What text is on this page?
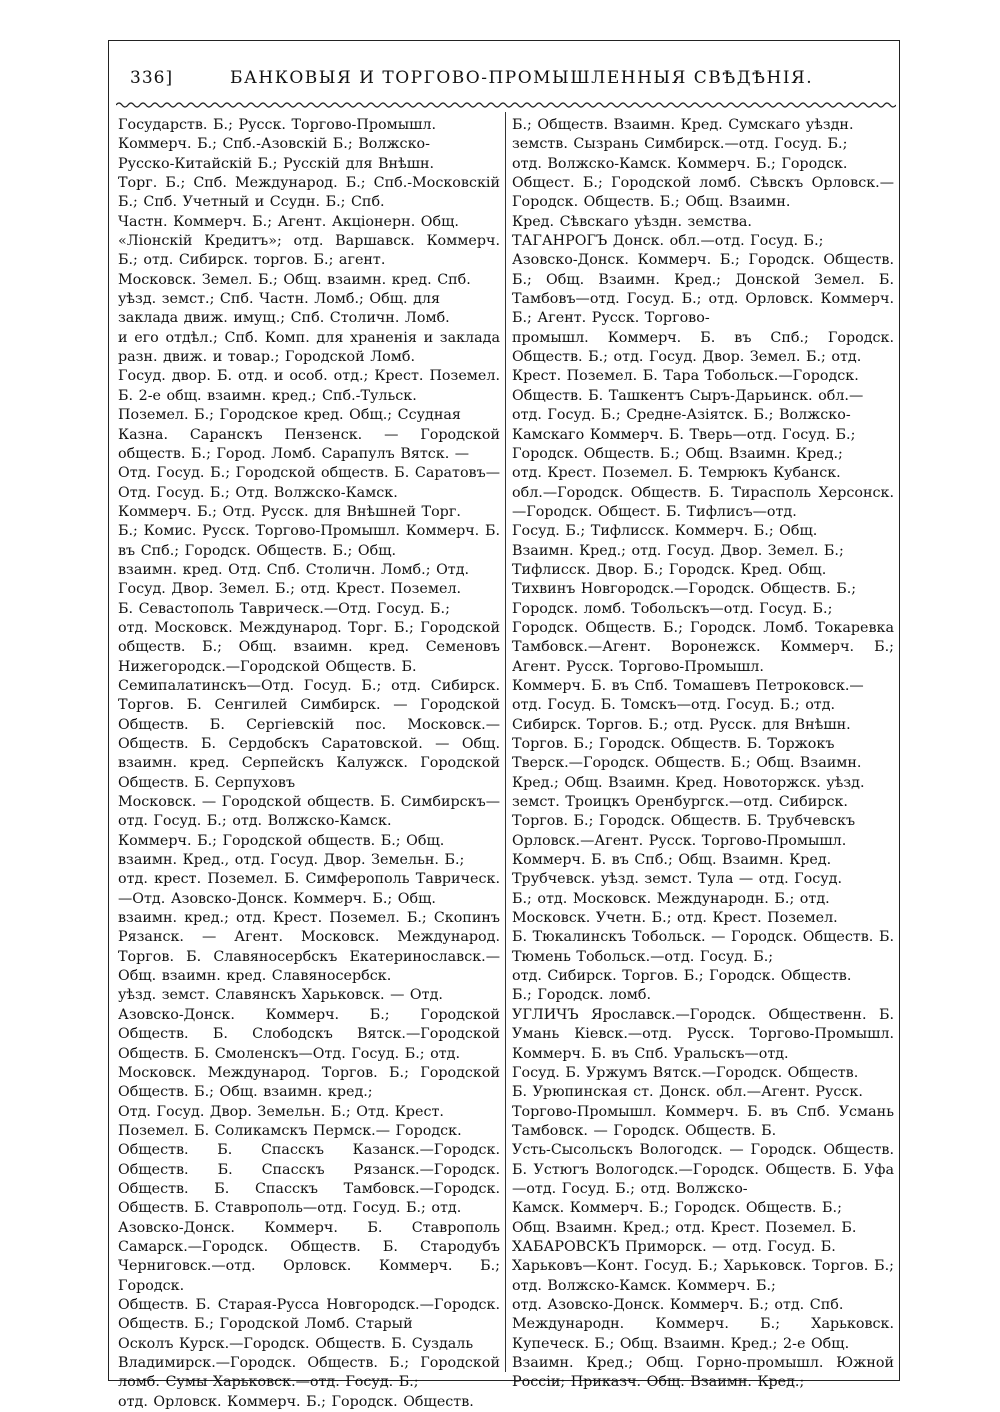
336]	БАНКОВЫЯ И ТОРГОВО-ПРОМЫШЛЕННЫЯ СВѢДѢНІЯ.

Государств. Б.; Русск. Торгово-Промышл.
Коммерч. Б.; Спб.-Азовскій Б.; Волжско-
Русско-Китайскій Б.; Русскій для Внѣшн.
Торг. Б.; Спб. Международ. Б.; Спб.-Московскій Б.; Спб. Учетный и Ссудн. Б.; Спб.
Частн. Коммерч. Б.; Агент. Акціонерн. Общ.
«Ліонскій Кредитъ»; отд. Варшавск. Коммерч. Б.; отд. Сибирск. торгов. Б.; агент.
Московск. Земел. Б.; Общ. взаимн. кред. Спб.
уѣзд. земст.; Спб. Частн. Ломб.; Общ. для
заклада движ. имущ.; Спб. Столичн. Ломб.
и его отдѣл.; Спб. Комп. для храненія и заклада разн. движ. и товар.; Городской Ломб.
Госуд. двор. Б. отд. и особ. отд.; Крест. Поземел. Б. 2-е общ. взаимн. кред.; Спб.-Тульск.
Поземел. Б.; Городское кред. Общ.; Ссудная
Казна. Саранскъ Пензенск. — Городской обществ. Б.; Город. Ломб. Сарапулъ Вятск. —
Отд. Госуд. Б.; Городской обществ. Б. Саратовъ—Отд. Госуд. Б.; Отд. Волжско-Камск.
Коммерч. Б.; Отд. Русск. для Внѣшней Торг.
Б.; Комис. Русск. Торгово-Промышл. Коммерч. Б. въ Спб.; Городск. Обществ. Б.; Общ.
взаимн. кред. Отд. Спб. Столичн. Ломб.; Отд.
Госуд. Двор. Земел. Б.; отд. Крест. Поземел.
Б. Севастополь Таврическ.—Отд. Госуд. Б.;
отд. Московск. Международ. Торг. Б.; Городской обществ. Б.; Общ. взаимн. кред. Семеновъ Нижегородск.—Городской Обществ. Б.
Семипалатинскъ—Отд. Госуд. Б.; отд. Сибирск. Торгов. Б. Сенгилей Симбирск. — Городской Обществ. Б. Сергіевскій пос. Московск.—Обществ. Б. Сердобскъ Саратовской. — Общ. взаимн. кред. Серпейскъ Калужск. Городской Обществ. Б. Серпуховъ
Московск. — Городской обществ. Б. Симбирскъ—отд. Госуд. Б.; отд. Волжско-Камск.
Коммерч. Б.; Городской обществ. Б.; Общ.
взаимн. Кред., отд. Госуд. Двор. Земельн. Б.;
отд. крест. Поземел. Б. Симферополь Таврическ.—Отд. Азовско-Донск. Коммерч. Б.; Общ.
взаимн. кред.; отд. Крест. Поземел. Б.; Скопинъ Рязанск. — Агент. Московск. Международ. Торгов. Б. Славяносербскъ Екатеринославск.—Общ. взаимн. кред. Славяносербск.
уѣзд. земст. Славянскъ Харьковск. — Отд.
Азовско-Донск. Коммерч. Б.; Городской Обществ. Б. Слободскъ Вятск.—Городской Обществ. Б. Смоленскъ—Отд. Госуд. Б.; отд.
Московск. Международ. Торгов. Б.; Городской Обществ. Б.; Общ. взаимн. кред.;
Отд. Госуд. Двор. Земельн. Б.; Отд. Крест.
Поземел. Б. Соликамскъ Пермск.— Городск.
Обществ. Б. Спасскъ Казанск.—Городск. Обществ. Б. Спасскъ Рязанск.—Городск. Обществ. Б. Спасскъ Тамбовск.—Городск. Обществ. Б. Ставрополь—отд. Госуд. Б.; отд.
Азовско-Донск. Коммерч. Б. Ставрополь Самарск.—Городск. Обществ. Б. Стародубъ Черниговск.—отд. Орловск. Коммерч. Б.; Городск.
Обществ. Б. Старая-Русса Новгородск.—Городск. Обществ. Б.; Городской Ломб. Старый
Осколъ Курск.—Городск. Обществ. Б. Суздаль
Владимирск.—Городск. Обществ. Б.; Городской ломб. Сумы Харьковск.—отд. Госуд. Б.;
отд. Орловск. Коммерч. Б.; Городск. Обществ.

Б.; Обществ. Взаимн. Кред. Сумскаго уѣздн.
земств. Сызрань Симбирск.—отд. Госуд. Б.;
отд. Волжско-Камск. Коммерч. Б.; Городск.
Общест. Б.; Городской ломб. Сѣвскъ Орловск.—Городск. Обществ. Б.; Общ. Взаимн.
Кред. Сѣвскаго уѣздн. земства.
ТАГАНРОГЪ Донск. обл.—отд. Госуд. Б.;
Азовско-Донск. Коммерч. Б.; Городск. Обществ. Б.; Общ. Взаимн. Кред.; Донской Земел. Б. Тамбовъ—отд. Госуд. Б.; отд. Орловск. Коммерч. Б.; Агент. Русск. Торгово-
промышл. Коммерч. Б. въ Спб.; Городск. Обществ. Б.; отд. Госуд. Двор. Земел. Б.; отд.
Крест. Поземел. Б. Тара Тобольск.—Городск.
Обществ. Б. Ташкентъ Сыръ-Дарьинск. обл.—
отд. Госуд. Б.; Средне-Азіятск. Б.; Волжско-
Камскаго Коммерч. Б. Тверь—отд. Госуд. Б.;
Городск. Обществ. Б.; Общ. Взаимн. Кред.;
отд. Крест. Поземел. Б. Темрюкъ Кубанск.
обл.—Городск. Обществ. Б. Тирасполь Херсонск.—Городск. Общест. Б. Тифлисъ—отд.
Госуд. Б.; Тифлисск. Коммерч. Б.; Общ.
Взаимн. Кред.; отд. Госуд. Двор. Земел. Б.;
Тифлисск. Двор. Б.; Городск. Кред. Общ.
Тихвинъ Новгородск.—Городск. Обществ. Б.;
Городск. ломб. Тобольскъ—отд. Госуд. Б.;
Городск. Обществ. Б.; Городск. Ломб. Токаревка Тамбовск.—Агент. Воронежск. Коммерч. Б.; Агент. Русск. Торгово-Промышл.
Коммерч. Б. въ Спб. Томашевъ Петроковск.—
отд. Госуд. Б. Томскъ—отд. Госуд. Б.; отд.
Сибирск. Торгов. Б.; отд. Русск. для Внѣшн.
Торгов. Б.; Городск. Обществ. Б. Торжокъ
Тверск.—Городск. Обществ. Б.; Общ. Взаимн.
Кред.; Общ. Взаимн. Кред. Новоторжск. уѣзд.
земст. Троицкъ Оренбургск.—отд. Сибирск.
Торгов. Б.; Городск. Обществ. Б. Трубчевскъ
Орловск.—Агент. Русск. Торгово-Промышл.
Коммерч. Б. въ Спб.; Общ. Взаимн. Кред.
Трубчевск. уѣзд. земст. Тула — отд. Госуд.
Б.; отд. Московск. Международн. Б.; отд.
Московск. Учетн. Б.; отд. Крест. Поземел.
Б. Тюкалинскъ Тобольск. — Городск. Обществ. Б. Тюмень Тобольск.—отд. Госуд. Б.;
отд. Сибирск. Торгов. Б.; Городск. Обществ.
Б.; Городск. ломб.
УГЛИЧЪ Ярославск.—Городск. Общественн. Б. Умань Кіевск.—отд. Русск. Торгово-Промышл. Коммерч. Б. въ Спб. Уральскъ—отд.
Госуд. Б. Уржумъ Вятск.—Городск. Обществ.
Б. Урюпинская ст. Донск. обл.—Агент. Русск.
Торгово-Промышл. Коммерч. Б. въ Спб. Усмань Тамбовск. — Городск. Обществ. Б.
Усть-Сысольскъ Вологодск. — Городск. Обществ. Б. Устюгъ Вологодск.—Городск. Обществ. Б. Уфа—отд. Госуд. Б.; отд. Волжско-
Камск. Коммерч. Б.; Городск. Обществ. Б.;
Общ. Взаимн. Кред.; отд. Крест. Поземел. Б.
ХАБАРОВСКЪ Приморск. — отд. Госуд. Б.
Харьковъ—Конт. Госуд. Б.; Харьковск. Торгов. Б.; отд. Волжско-Камск. Коммерч. Б.;
отд. Азовско-Донск. Коммерч. Б.; отд. Спб.
Международн. Коммерч. Б.; Харьковск. Купеческ. Б.; Общ. Взаимн. Кред.; 2-е Общ.
Взаимн. Кред.; Общ. Горно-промышл. Южной Россіи; Приказч. Общ. Взаимн. Кред.;
